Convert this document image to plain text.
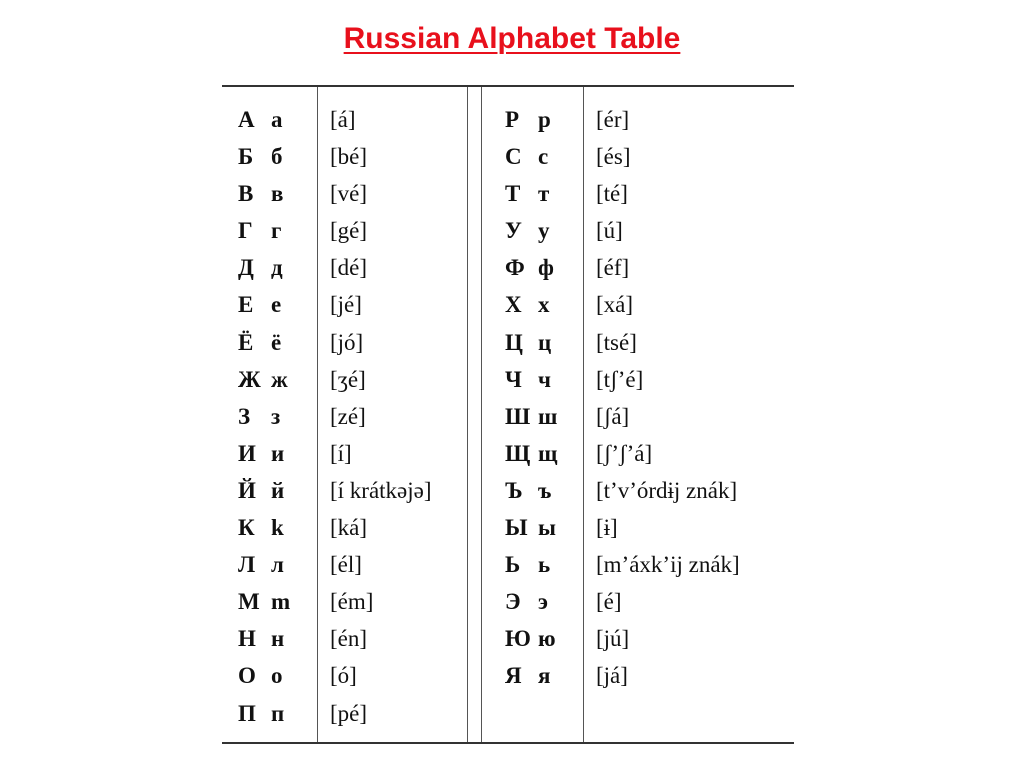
Russian Alphabet Table
А а
Б б
В в
Г г
Д д
Е е
Ё ё
Ж ж
З з
И и
Й й
К k
Л л
М m
Н н
О о
П п
[á]
[bé]
[vé]
[gé]
[dé]
[jé]
[jó]
[ʒé]
[zé]
[í]
[í krátkəjə]
[ká]
[él]
[ém]
[én]
[ó]
[pé]
Р р
С с
Т т
У у
Ф ф
Х х
Ц ц
Ч ч
Ш ш
Щ щ
Ъ ъ
Ы ы
Ь ь
Э э
Ю ю
Я я
[ér]
[és]
[té]
[ú]
[éf]
[xá]
[tsé]
[tʃ’é]
[ʃá]
[ʃ’ʃ’á]
[t’v’órdɨj znák]
[ɨ]
[m’áxk’ij znák]
[é]
[jú]
[já]
